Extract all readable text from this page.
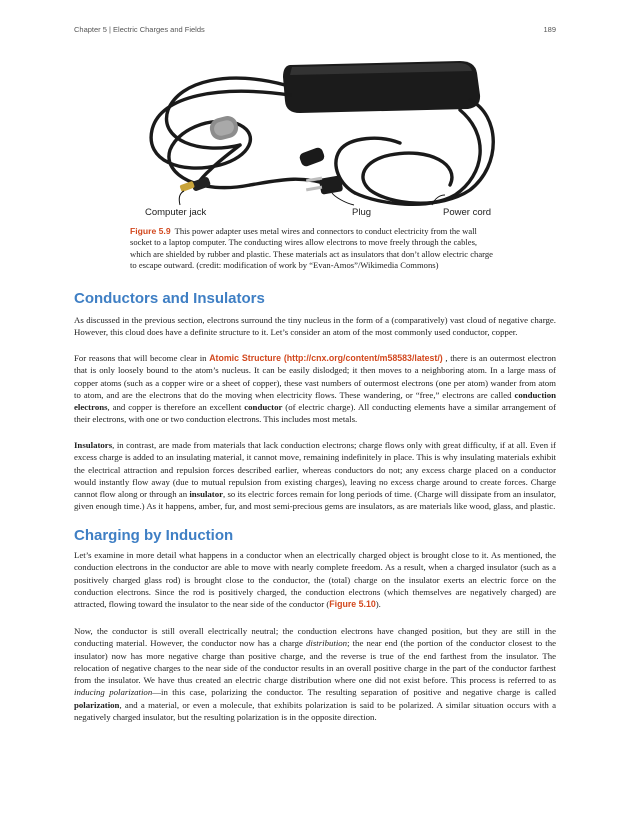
Chapter 5 | Electric Charges and Fields	189
Computer jack	Plug	Power cord
Figure 5.9 This power adapter uses metal wires and connectors to conduct electricity from the wall socket to a laptop computer. The conducting wires allow electrons to move freely through the cables, which are shielded by rubber and plastic. These materials act as insulators that don’t allow electric charge to escape outward. (credit: modification of work by “Evan-Amos”/Wikimedia Commons)
Conductors and Insulators

As discussed in the previous section, electrons surround the tiny nucleus in the form of a (comparatively) vast cloud of negative charge. However, this cloud does have a definite structure to it. Let’s consider an atom of the most commonly used conductor, copper.

For reasons that will become clear in Atomic Structure (http://cnx.org/content/m58583/latest/) , there is an outermost electron that is only loosely bound to the atom’s nucleus. It can be easily dislodged; it then moves to a neighboring atom. In a large mass of copper atoms (such as a copper wire or a sheet of copper), these vast numbers of outermost electrons (one per atom) wander from atom to atom, and are the electrons that do the moving when electricity flows. These wandering, or “free,” electrons are called conduction electrons, and copper is therefore an excellent conductor (of electric charge). All conducting elements have a similar arrangement of their electrons, with one or two conduction electrons. This includes most metals.

Insulators, in contrast, are made from materials that lack conduction electrons; charge flows only with great difficulty, if at all. Even if excess charge is added to an insulating material, it cannot move, remaining indefinitely in place. This is why insulating materials exhibit the electrical attraction and repulsion forces described earlier, whereas conductors do not; any excess charge placed on a conductor would instantly flow away (due to mutual repulsion from existing charges), leaving no excess charge around to create forces. Charge cannot flow along or through an insulator, so its electric forces remain for long periods of time. (Charge will dissipate from an insulator, given enough time.) As it happens, amber, fur, and most semi-precious gems are insulators, as are materials like wood, glass, and plastic.

Charging by Induction

Let’s examine in more detail what happens in a conductor when an electrically charged object is brought close to it. As mentioned, the conduction electrons in the conductor are able to move with nearly complete freedom. As a result, when a charged insulator (such as a positively charged glass rod) is brought close to the conductor, the (total) charge on the insulator exerts an electric force on the conduction electrons. Since the rod is positively charged, the conduction electrons (which themselves are negatively charged) are attracted, flowing toward the insulator to the near side of the conductor (Figure 5.10).

Now, the conductor is still overall electrically neutral; the conduction electrons have changed position, but they are still in the conducting material. However, the conductor now has a charge distribution; the near end (the portion of the conductor closest to the insulator) now has more negative charge than positive charge, and the reverse is true of the end farthest from the insulator. The relocation of negative charges to the near side of the conductor results in an overall positive charge in the part of the conductor farthest from the insulator. We have thus created an electric charge distribution where one did not exist before. This process is referred to as inducing polarization—in this case, polarizing the conductor. The resulting separation of positive and negative charge is called polarization, and a material, or even a molecule, that exhibits polarization is said to be polarized. A similar situation occurs with a negatively charged insulator, but the resulting polarization is in the opposite direction.
